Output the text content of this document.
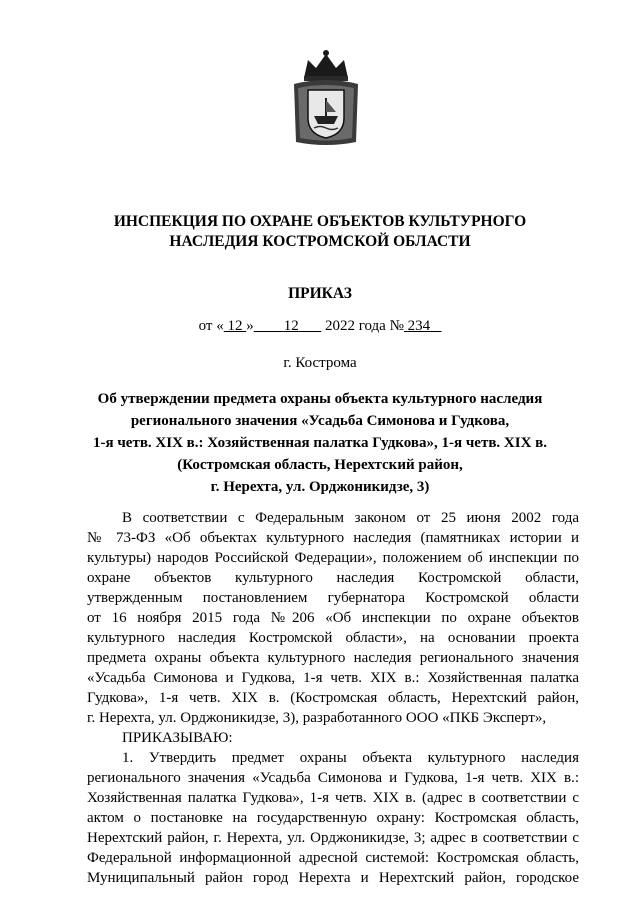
ИНСПЕКЦИЯ ПО ОХРАНЕ ОБЪЕКТОВ КУЛЬТУРНОГО
НАСЛЕДИЯ КОСТРОМСКОЙ ОБЛАСТИ
ПРИКАЗ
от « 12 » 12 2022 года № 234
г. Кострома
Об утверждении предмета охраны объекта культурного наследия
регионального значения «Усадьба Симонова и Гудкова,
1-я четв. XIX в.: Хозяйственная палатка Гудкова», 1-я четв. XIX в.
(Костромская область, Нерехтский район,
г. Нерехта, ул. Орджоникидзе, 3)
В соответствии с Федеральным законом от 25 июня 2002 года
№ 73-ФЗ «Об объектах культурного наследия (памятниках истории и
культуры) народов Российской Федерации», положением об инспекции по
охране объектов культурного наследия Костромской области,
утвержденным постановлением губернатора Костромской области
от 16 ноября 2015 года №206 «Об инспекции по охране объектов
культурного наследия Костромской области», на основании проекта
предмета охраны объекта культурного наследия регионального значения
«Усадьба Симонова и Гудкова, 1-я четв. XIX в.: Хозяйственная палатка
Гудкова», 1-я четв. XIX в. (Костромская область, Нерехтский район,
г. Нерехта, ул. Орджоникидзе, 3), разработанного ООО «ПКБ Эксперт»,
ПРИКАЗЫВАЮ:
1. Утвердить предмет охраны объекта культурного наследия
регионального значения «Усадьба Симонова и Гудкова, 1-я четв. XIX в.:
Хозяйственная палатка Гудкова», 1-я четв. XIX в. (адрес в соответствии с
актом о постановке на государственную охрану: Костромская область,
Нерехтский район, г. Нерехта, ул. Орджоникидзе, 3; адрес в соответствии с
Федеральной информационной адресной системой: Костромская область,
Муниципальный район город Нерехта и Нерехтский район, городское
